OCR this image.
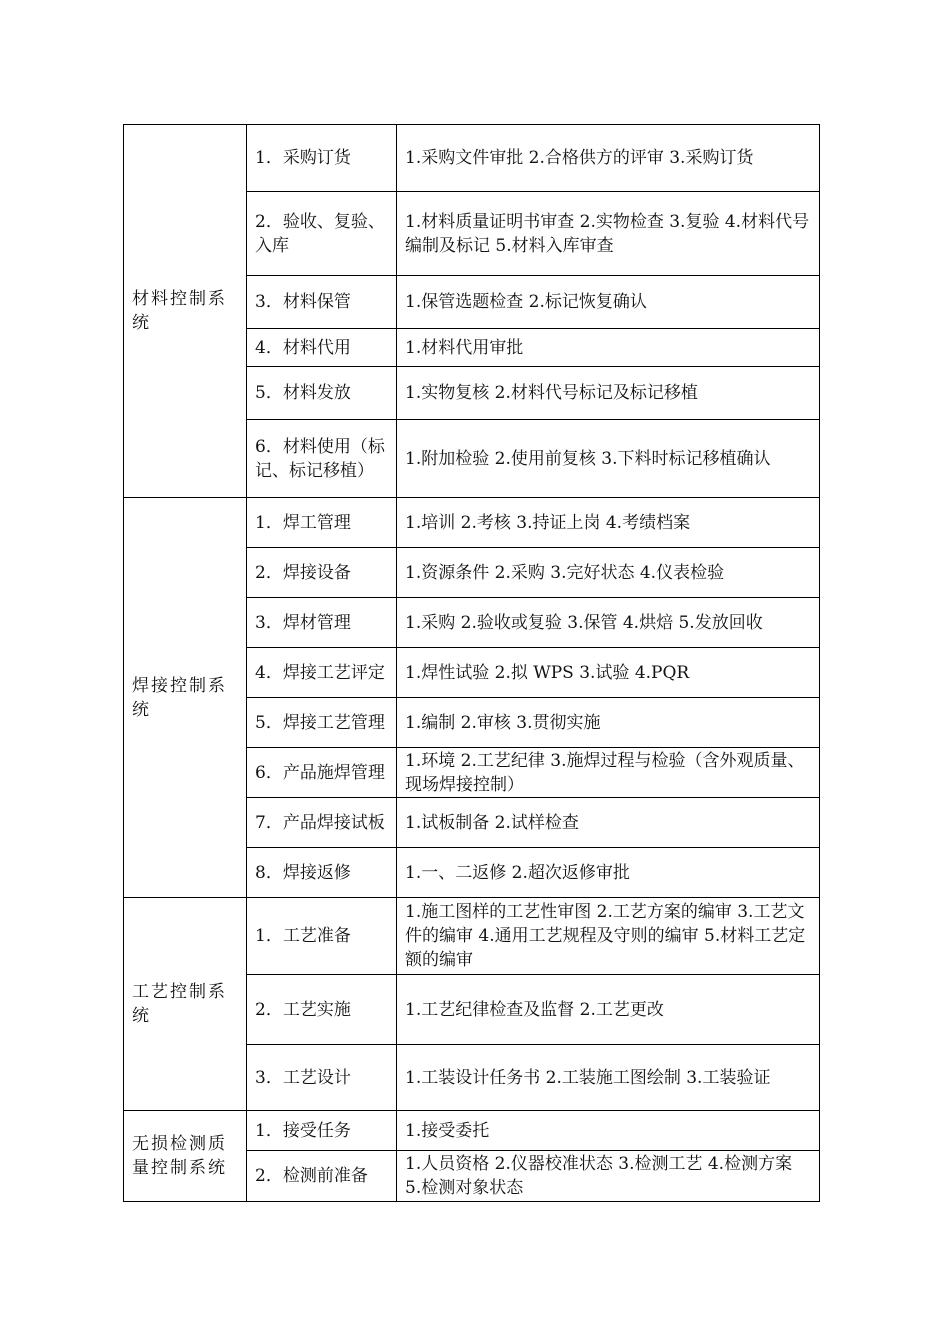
材料控制系统	1．采购订货	1.采购文件审批 2.合格供方的评审 3.采购订货
	2．验收、复验、入库	1.材料质量证明书审查 2.实物检查 3.复验 4.材料代号编制及标记 5.材料入库审查
	3．材料保管	1.保管选题检查 2.标记恢复确认
	4．材料代用	1.材料代用审批
	5．材料发放	1.实物复核 2.材料代号标记及标记移植
	6．材料使用（标记、标记移植）	1.附加检验 2.使用前复核 3.下料时标记移植确认
焊接控制系统	1．焊工管理	1.培训 2.考核 3.持证上岗 4.考绩档案
	2．焊接设备	1.资源条件 2.采购 3.完好状态 4.仪表检验
	3．焊材管理	1.采购 2.验收或复验 3.保管 4.烘焙 5.发放回收
	4．焊接工艺评定	1.焊性试验 2.拟 WPS 3.试验 4.PQR
	5．焊接工艺管理	1.编制 2.审核 3.贯彻实施
	6．产品施焊管理	1.环境 2.工艺纪律 3.施焊过程与检验（含外观质量、现场焊接控制）
	7．产品焊接试板	1.试板制备 2.试样检查
	8．焊接返修	1.一、二返修 2.超次返修审批
工艺控制系统	1．工艺准备	1.施工图样的工艺性审图 2.工艺方案的编审 3.工艺文件的编审 4.通用工艺规程及守则的编审 5.材料工艺定额的编审
	2．工艺实施	1.工艺纪律检查及监督 2.工艺更改
	3．工艺设计	1.工装设计任务书 2.工装施工图绘制 3.工装验证
无损检测质量控制系统	1．接受任务	1.接受委托
	2．检测前准备	1.人员资格 2.仪器校准状态 3.检测工艺 4.检测方案 5.检测对象状态
